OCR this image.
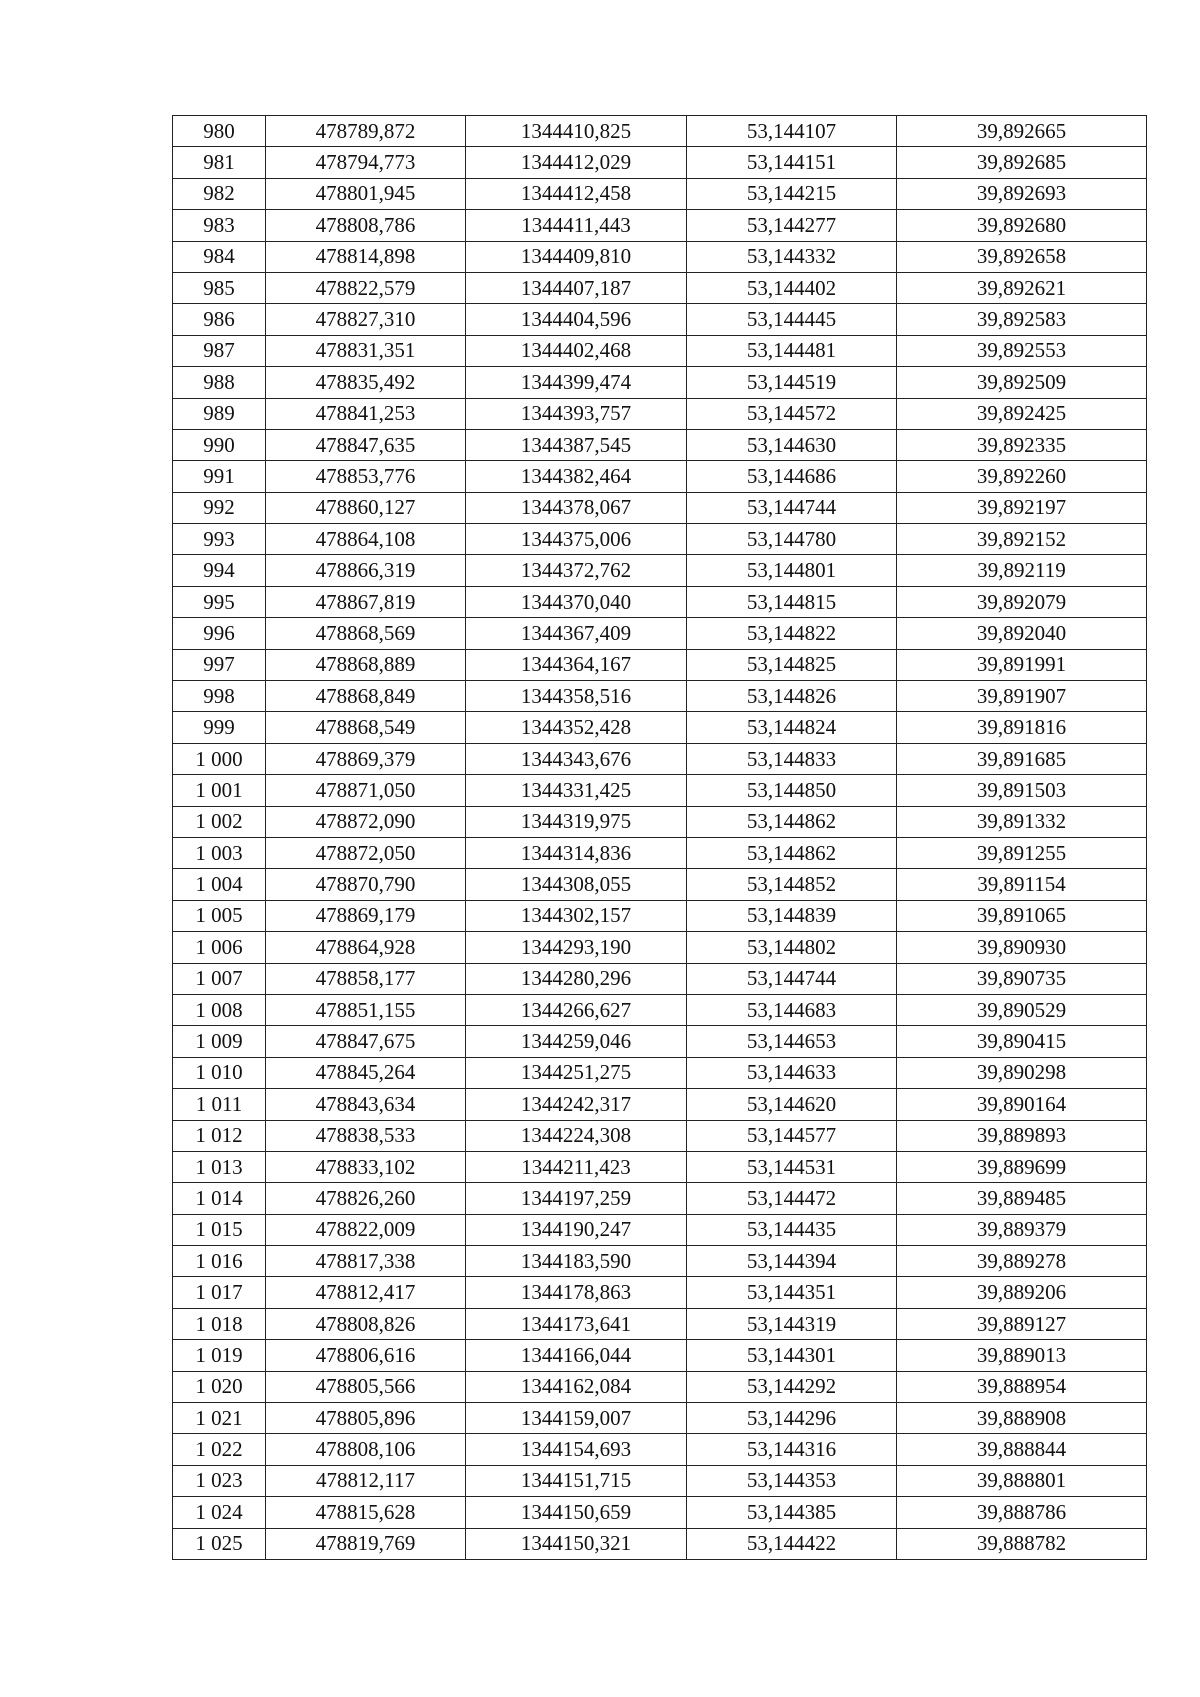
980	478789,872	1344410,825	53,144107	39,892665
981	478794,773	1344412,029	53,144151	39,892685
982	478801,945	1344412,458	53,144215	39,892693
983	478808,786	1344411,443	53,144277	39,892680
984	478814,898	1344409,810	53,144332	39,892658
985	478822,579	1344407,187	53,144402	39,892621
986	478827,310	1344404,596	53,144445	39,892583
987	478831,351	1344402,468	53,144481	39,892553
988	478835,492	1344399,474	53,144519	39,892509
989	478841,253	1344393,757	53,144572	39,892425
990	478847,635	1344387,545	53,144630	39,892335
991	478853,776	1344382,464	53,144686	39,892260
992	478860,127	1344378,067	53,144744	39,892197
993	478864,108	1344375,006	53,144780	39,892152
994	478866,319	1344372,762	53,144801	39,892119
995	478867,819	1344370,040	53,144815	39,892079
996	478868,569	1344367,409	53,144822	39,892040
997	478868,889	1344364,167	53,144825	39,891991
998	478868,849	1344358,516	53,144826	39,891907
999	478868,549	1344352,428	53,144824	39,891816
1 000	478869,379	1344343,676	53,144833	39,891685
1 001	478871,050	1344331,425	53,144850	39,891503
1 002	478872,090	1344319,975	53,144862	39,891332
1 003	478872,050	1344314,836	53,144862	39,891255
1 004	478870,790	1344308,055	53,144852	39,891154
1 005	478869,179	1344302,157	53,144839	39,891065
1 006	478864,928	1344293,190	53,144802	39,890930
1 007	478858,177	1344280,296	53,144744	39,890735
1 008	478851,155	1344266,627	53,144683	39,890529
1 009	478847,675	1344259,046	53,144653	39,890415
1 010	478845,264	1344251,275	53,144633	39,890298
1 011	478843,634	1344242,317	53,144620	39,890164
1 012	478838,533	1344224,308	53,144577	39,889893
1 013	478833,102	1344211,423	53,144531	39,889699
1 014	478826,260	1344197,259	53,144472	39,889485
1 015	478822,009	1344190,247	53,144435	39,889379
1 016	478817,338	1344183,590	53,144394	39,889278
1 017	478812,417	1344178,863	53,144351	39,889206
1 018	478808,826	1344173,641	53,144319	39,889127
1 019	478806,616	1344166,044	53,144301	39,889013
1 020	478805,566	1344162,084	53,144292	39,888954
1 021	478805,896	1344159,007	53,144296	39,888908
1 022	478808,106	1344154,693	53,144316	39,888844
1 023	478812,117	1344151,715	53,144353	39,888801
1 024	478815,628	1344150,659	53,144385	39,888786
1 025	478819,769	1344150,321	53,144422	39,888782
